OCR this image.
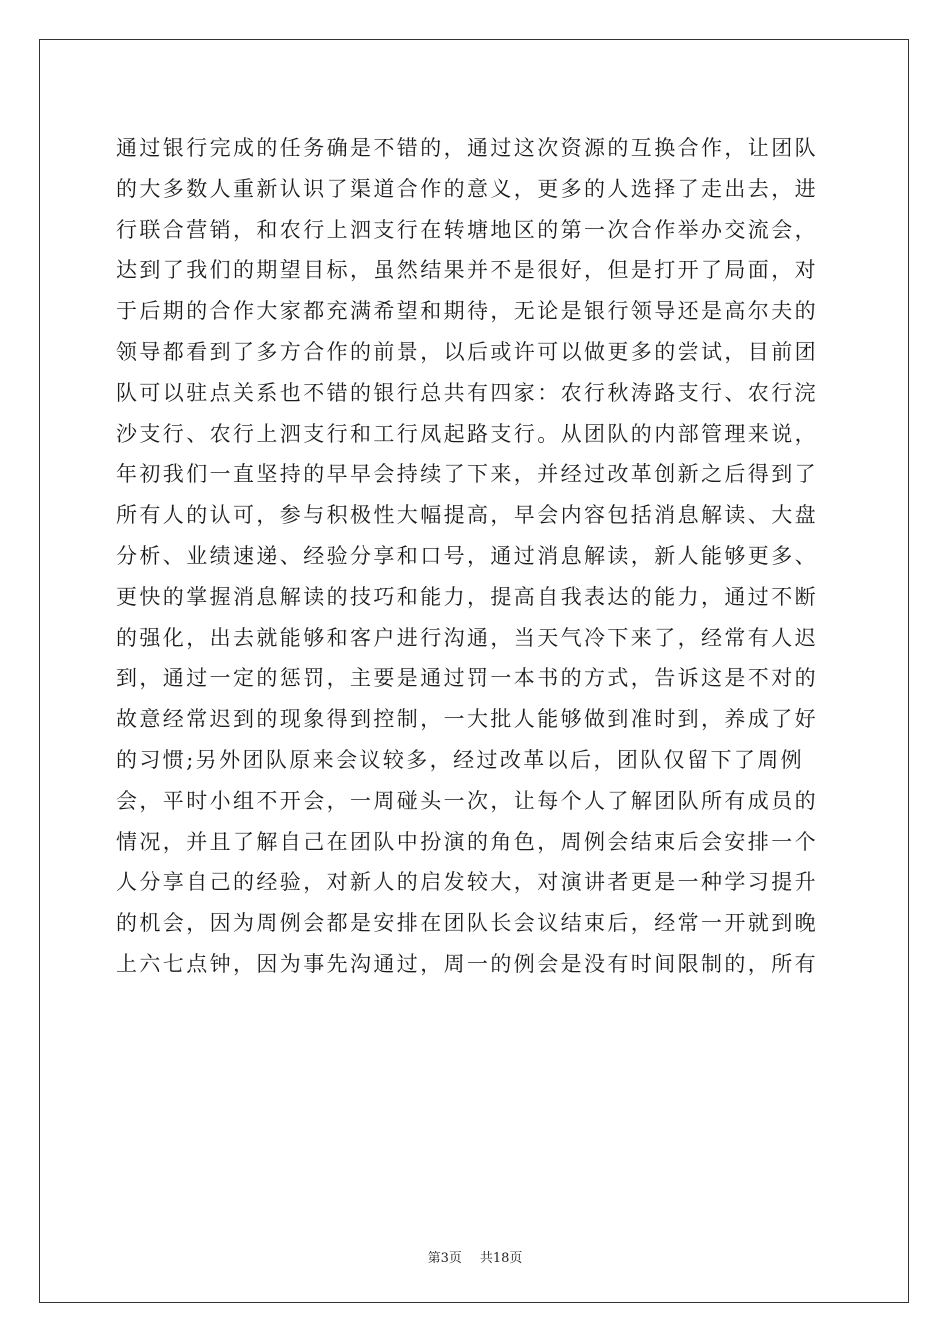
通过银行完成的任务确是不错的，通过这次资源的互换合作，让团队
的大多数人重新认识了渠道合作的意义，更多的人选择了走出去，进
行联合营销，和农行上泗支行在转塘地区的第一次合作举办交流会，
达到了我们的期望目标，虽然结果并不是很好，但是打开了局面，对
于后期的合作大家都充满希望和期待，无论是银行领导还是高尔夫的
领导都看到了多方合作的前景，以后或许可以做更多的尝试，目前团
队可以驻点关系也不错的银行总共有四家：农行秋涛路支行、农行浣
沙支行、农行上泗支行和工行凤起路支行。从团队的内部管理来说，
年初我们一直坚持的早早会持续了下来，并经过改革创新之后得到了
所有人的认可，参与积极性大幅提高，早会内容包括消息解读、大盘
分析、业绩速递、经验分享和口号，通过消息解读，新人能够更多、
更快的掌握消息解读的技巧和能力，提高自我表达的能力，通过不断
的强化，出去就能够和客户进行沟通，当天气冷下来了，经常有人迟
到，通过一定的惩罚，主要是通过罚一本书的方式，告诉这是不对的
故意经常迟到的现象得到控制，一大批人能够做到准时到，养成了好
的习惯;另外团队原来会议较多，经过改革以后，团队仅留下了周例
会，平时小组不开会，一周碰头一次，让每个人了解团队所有成员的
情况，并且了解自己在团队中扮演的角色，周例会结束后会安排一个
人分享自己的经验，对新人的启发较大，对演讲者更是一种学习提升
的机会，因为周例会都是安排在团队长会议结束后，经常一开就到晚
上六七点钟，因为事先沟通过，周一的例会是没有时间限制的，所有
第3页 共18页
